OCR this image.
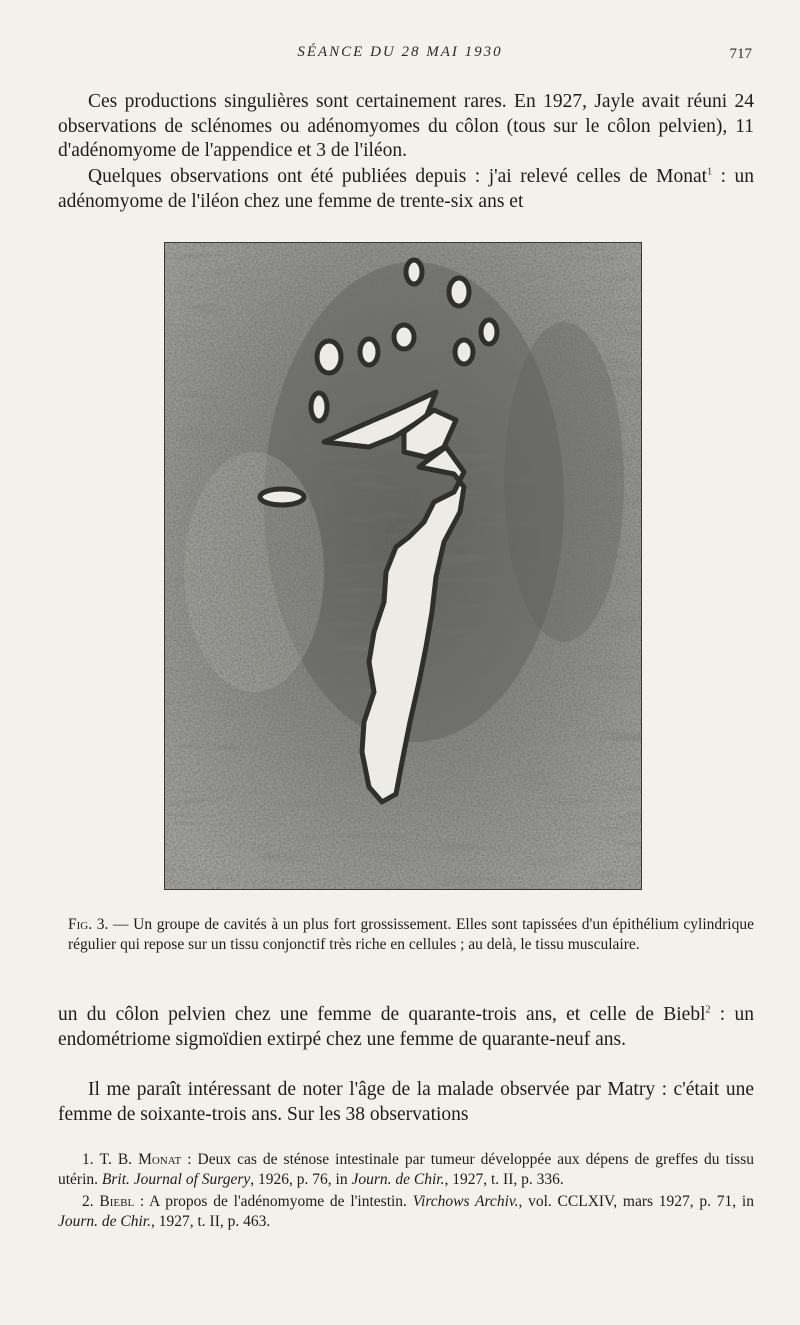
SÉANCE DU 28 MAI 1930	717

Ces productions singulières sont certainement rares. En 1927, Jayle avait réuni 24 observations de sclénomes ou adénomyomes du côlon (tous sur le côlon pelvien), 11 d'adénomyome de l'appendice et 3 de l'iléon.

Quelques observations ont été publiées depuis : j'ai relevé celles de Monat$^1$ : un adénomyome de l'iléon chez une femme de trente-six ans et

Fig. 3. — Un groupe de cavités à un plus fort grossissement. Elles sont tapissées d'un épithélium cylindrique régulier qui repose sur un tissu conjonctif très riche en cellules ; au delà, le tissu musculaire.

un du côlon pelvien chez une femme de quarante-trois ans, et celle de Biebl$^2$ : un endométriome sigmoïdien extirpé chez une femme de quarante-neuf ans.

Il me paraît intéressant de noter l'âge de la malade observée par Matry : c'était une femme de soixante-trois ans. Sur les 38 observations

1. T. B. Monat : Deux cas de sténose intestinale par tumeur développée aux dépens de greffes du tissu utérin. Brit. Journal of Surgery, 1926, p. 76, in Journ. de Chir., 1927, t. II, p. 336.

2. Biebl : A propos de l'adénomyome de l'intestin. Virchows Archiv., vol. CCLXIV, mars 1927, p. 71, in Journ. de Chir., 1927, t. II, p. 463.
